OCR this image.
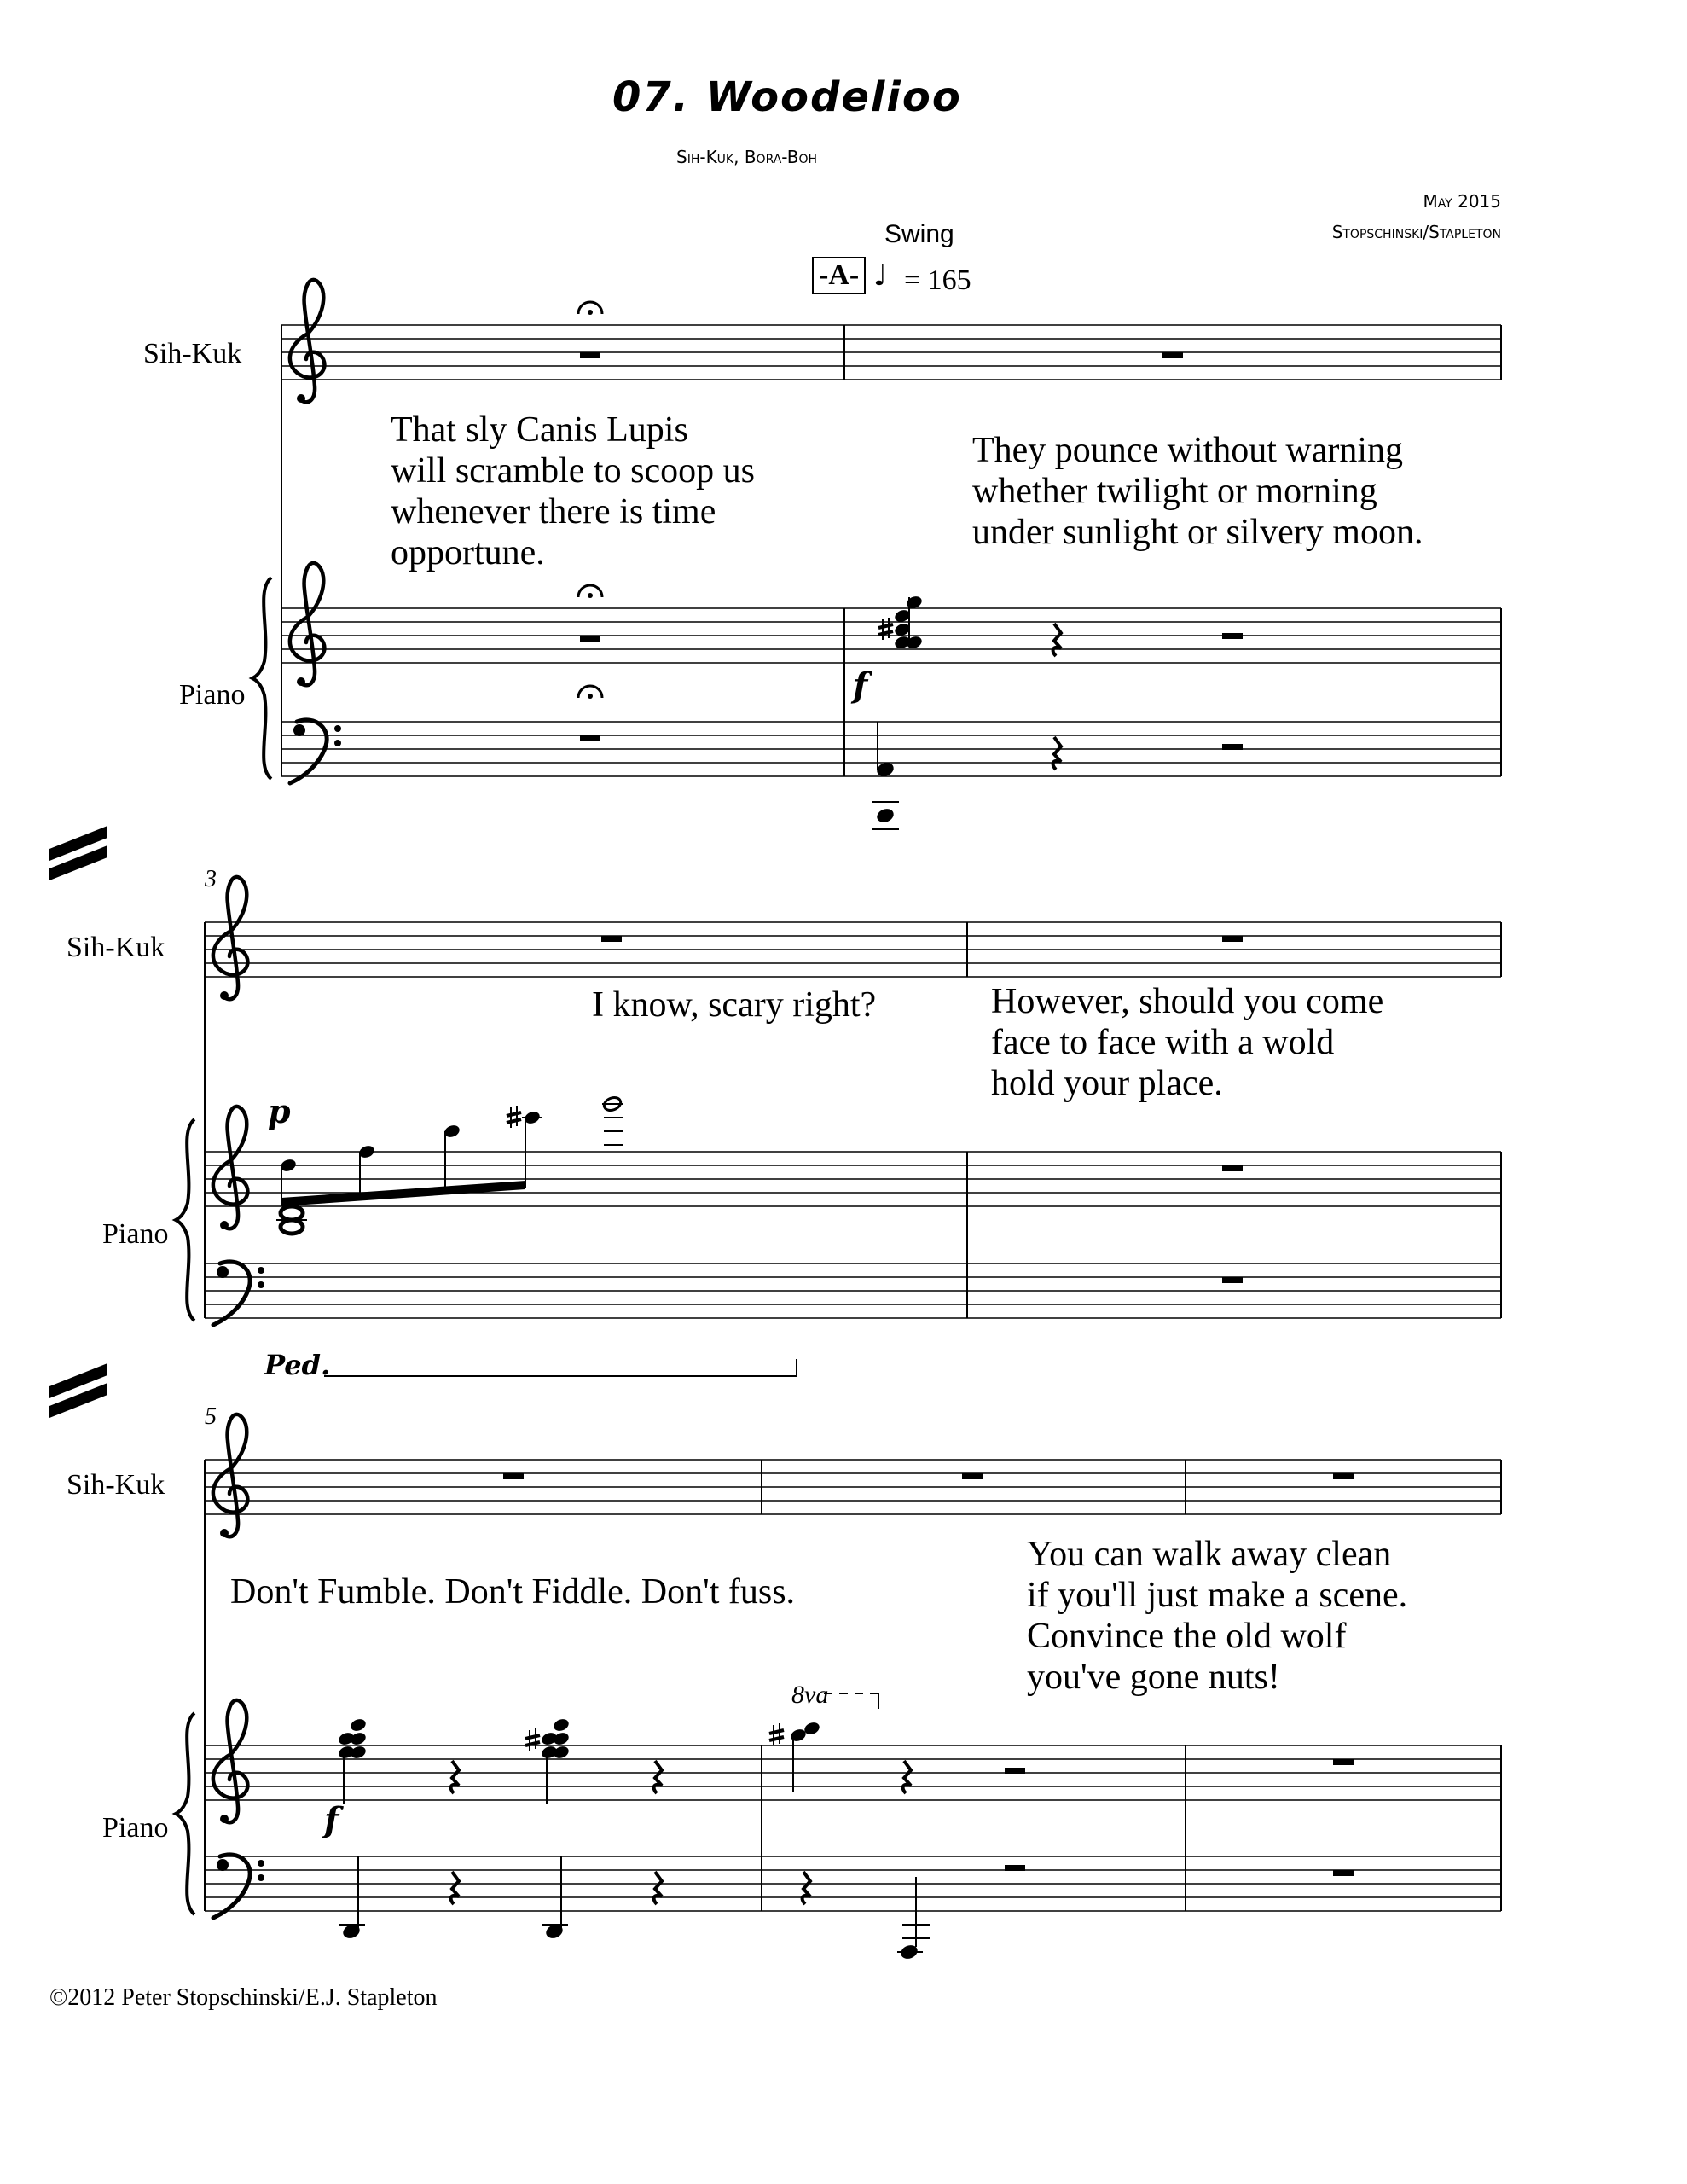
07. Woodelioo
Sih-Kuk, Bora-Boh
May 2015
Stopschinski/Stapleton
Swing
-A- ♩ = 165
Sih-Kuk
Piano
That sly Canis Lupis
will scramble to scoop us
whenever there is time
opportune.
They pounce without warning
whether twilight or morning
under sunlight or silvery moon.
f
3
Sih-Kuk
Piano
I know, scary right?	However, should you come
face to face with a wold
hold your place.
p
Ped.
5
Sih-Kuk
Piano
Don't Fumble. Don't Fiddle. Don't fuss.
You can walk away clean
if you'll just make a scene.
Convince the old wolf
you've gone nuts!
f
8va
©2012 Peter Stopschinski/E.J. Stapleton
